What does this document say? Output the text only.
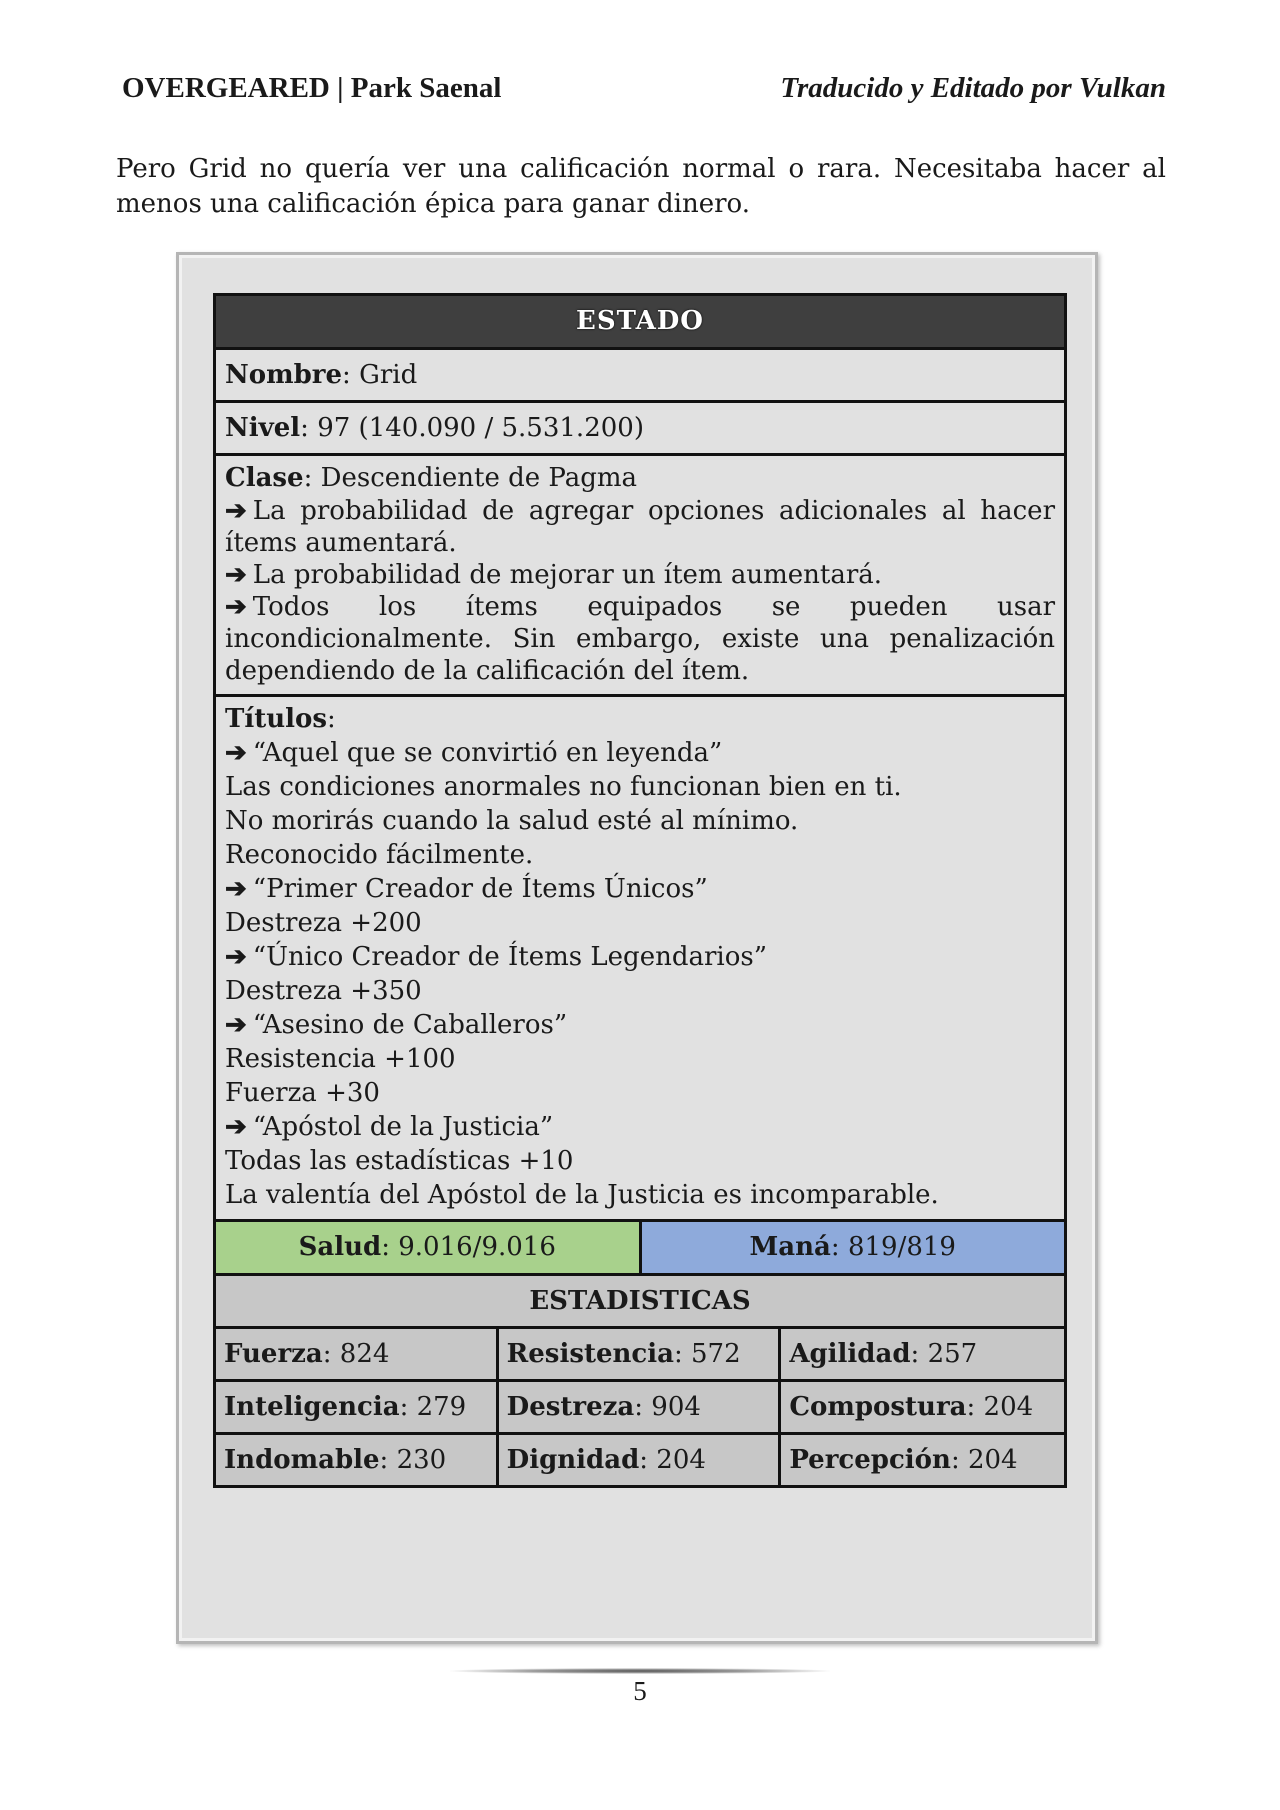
OVERGEARED | Park Saenal	Traducido y Editado por Vulkan
Pero Grid no quería ver una calificación normal o rara. Necesitaba hacer al menos una calificación épica para ganar dinero.
ESTADO
Nombre: Grid
Nivel: 97 (140.090 / 5.531.200)
Clase: Descendiente de Pagma
➔ La probabilidad de agregar opciones adicionales al hacer ítems aumentará.
➔ La probabilidad de mejorar un ítem aumentará.
➔ Todos los ítems equipados se pueden usar incondicionalmente. Sin embargo, existe una penalización dependiendo de la calificación del ítem.
Títulos:
➔ “Aquel que se convirtió en leyenda”
Las condiciones anormales no funcionan bien en ti.
No morirás cuando la salud esté al mínimo.
Reconocido fácilmente.
➔ “Primer Creador de Ítems Únicos”
Destreza +200
➔ “Único Creador de Ítems Legendarios”
Destreza +350
➔ “Asesino de Caballeros”
Resistencia +100
Fuerza +30
➔ “Apóstol de la Justicia”
Todas las estadísticas +10
La valentía del Apóstol de la Justicia es incomparable.
Salud: 9.016/9.016	Maná: 819/819
ESTADISTICAS
Fuerza: 824	Resistencia: 572	Agilidad: 257
Inteligencia: 279	Destreza: 904	Compostura: 204
Indomable: 230	Dignidad: 204	Percepción: 204
5
